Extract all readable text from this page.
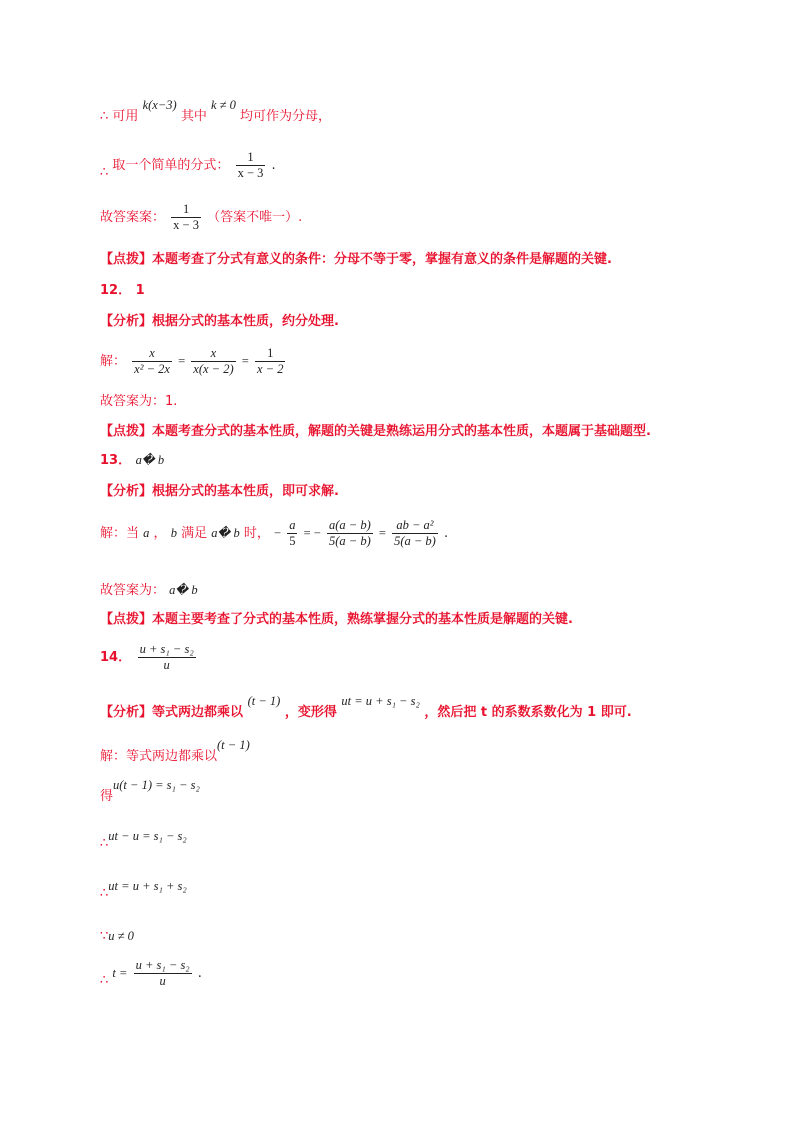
∴ 可用 k(x−3) 其中 k ≠ 0 均可作为分母，
∴ 取一个简单的分式： $\frac{1}{x - 3}$ .
故答案案： $\frac{1}{x - 3}$ （答案不唯一）.
【点拨】本题考查了分式有意义的条件：分母不等于零，掌握有意义的条件是解题的关键.
12． 1
【分析】根据分式的基本性质，约分处理.
解： $\frac{x}{\text{x² − 2x}} = \frac{x}{x(x - 2)} = \frac{1}{x - 2}$
故答案为：1.
【点拨】本题考查分式的基本性质，解题的关键是熟练运用分式的基本性质，本题属于基础题型.
13． a� b
【分析】根据分式的基本性质，即可求解.
解：当 a ， b 满足 a� b 时， − $\frac{a}{5}$ = − $\frac{a(a - b)}{5(a - b)} = \frac{\text{ab − a²}}{5(a - b)}$ .
故答案为： a� b
【点拨】本题主要考查了分式的基本性质，熟练掌握分式的基本性质是解题的关键.
14． $\frac{\text{u + s₁ − s₂}}{u}$
【分析】等式两边都乘以 (t − 1) ，变形得 ut = u + s₁ − s₂ ，然后把 t 的系数系数化为 1 即可.
解：等式两边都乘以(t − 1)
得u(t − 1) = s₁ − s₂
∴ut − u = s₁ − s₂
∴ut = u + s₁ + s₂
∵u ≠ 0
∴ $t = \frac{\text{u + s₁ − s₂}}{u}$ .
